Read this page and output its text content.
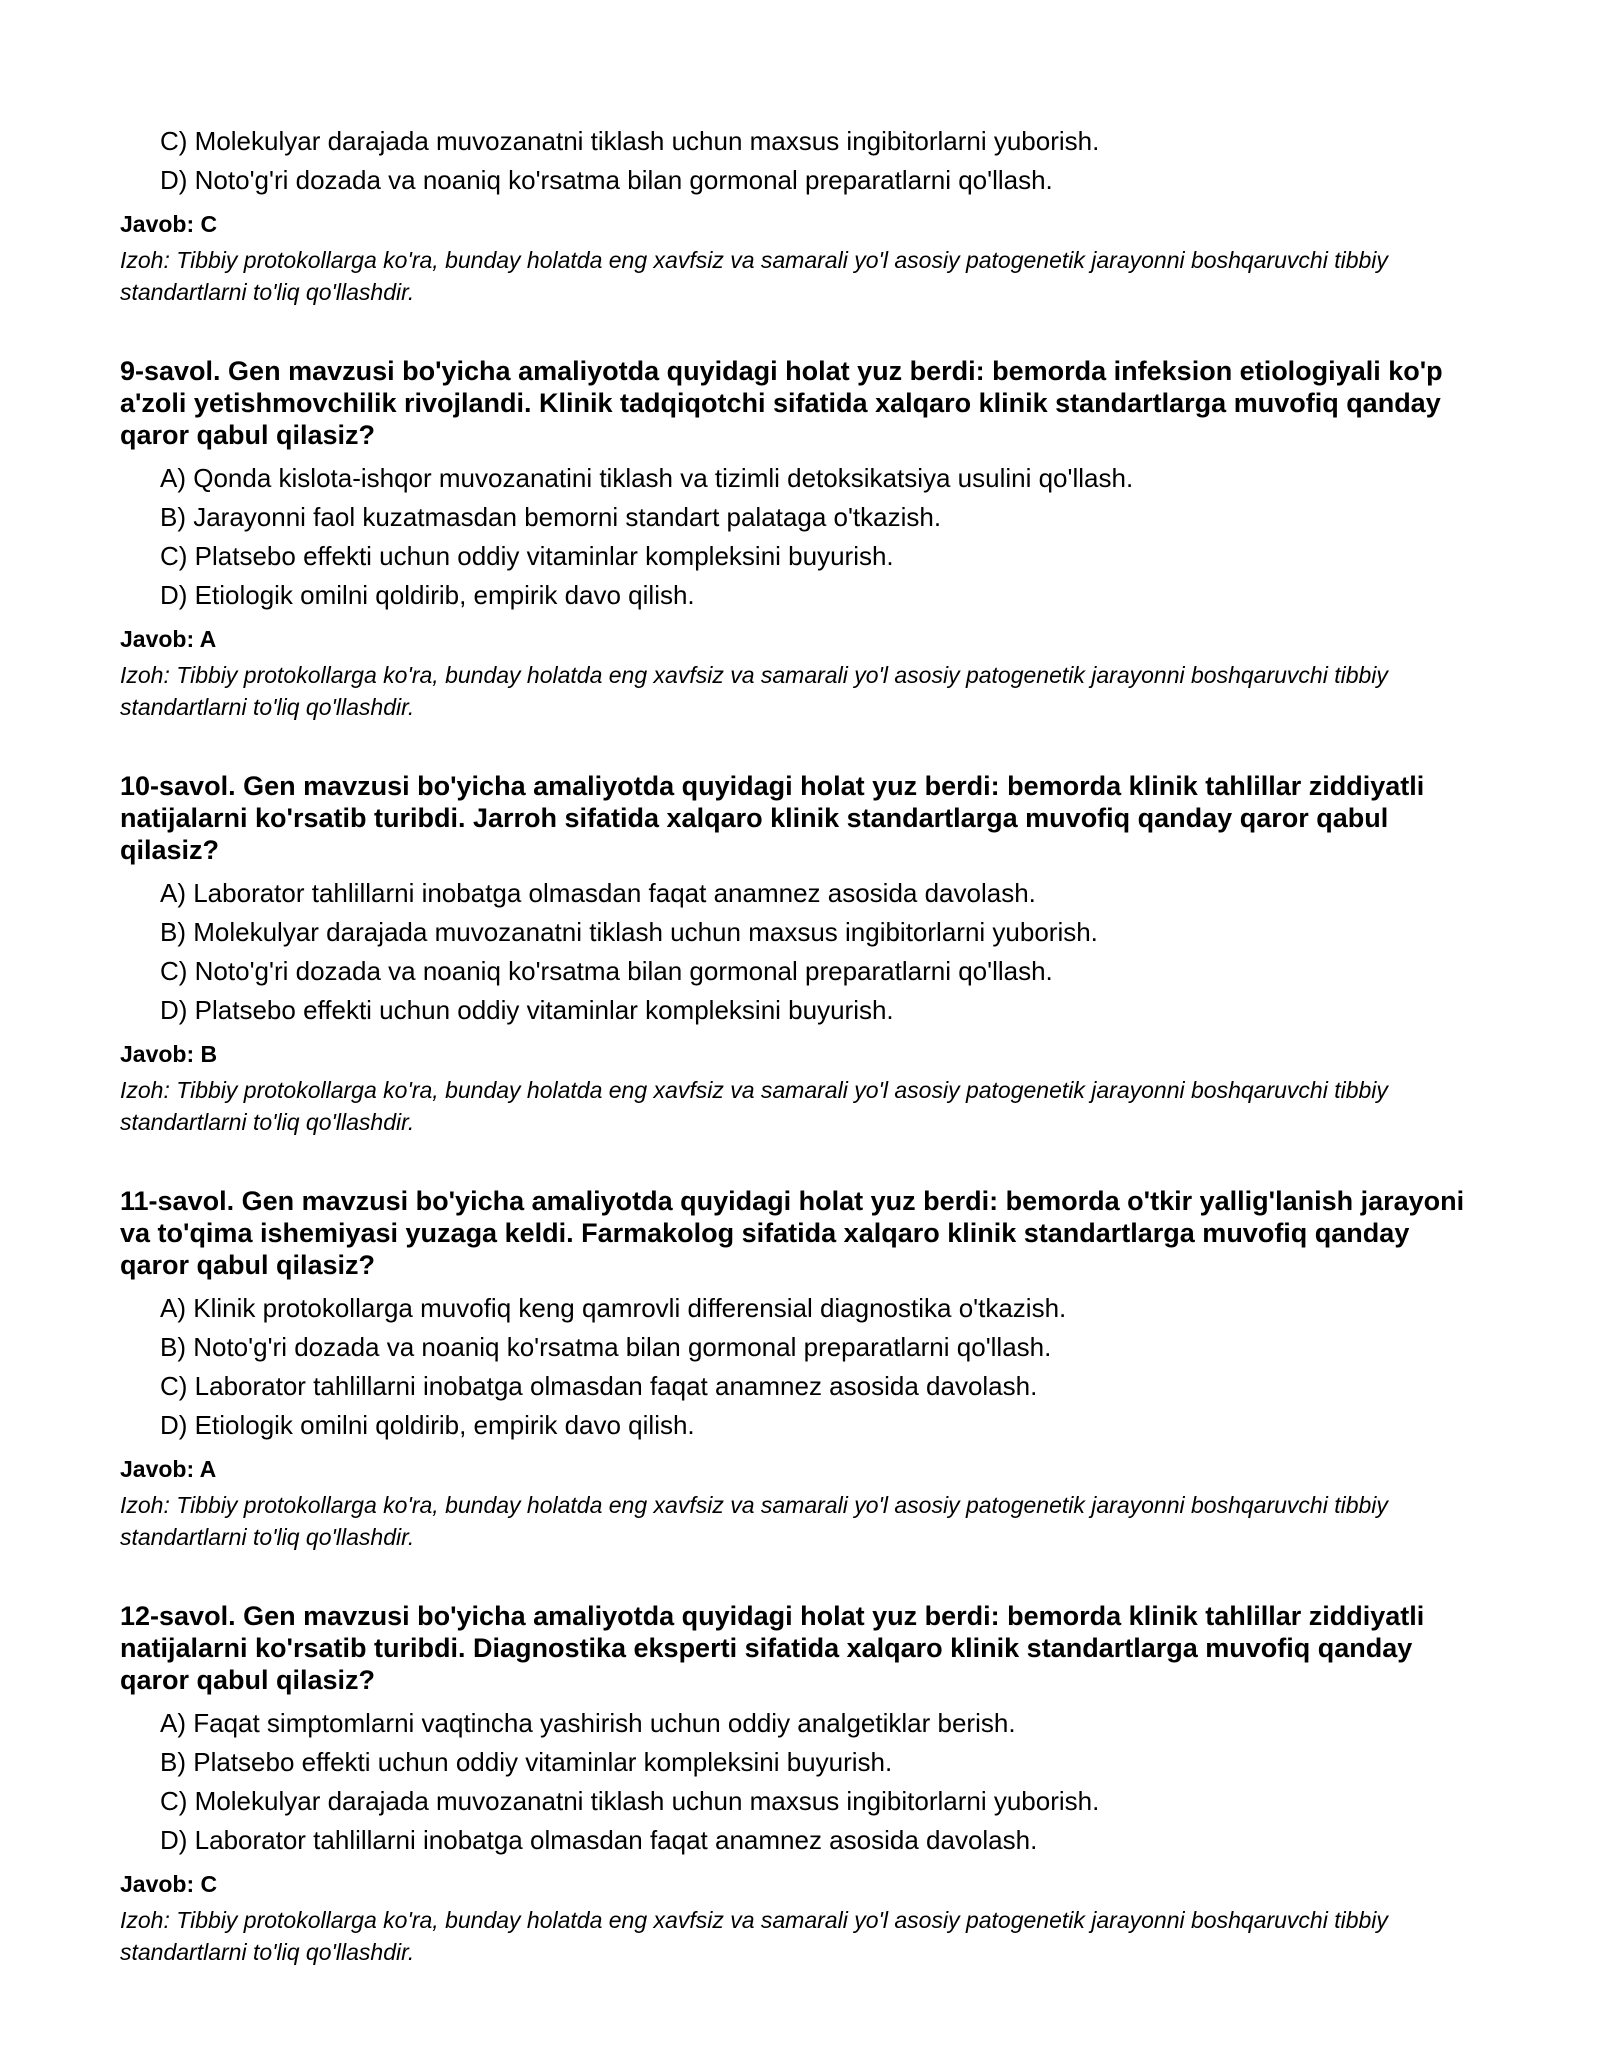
C) Molekulyar darajada muvozanatni tiklash uchun maxsus ingibitorlarni yuborish.
D) Noto'g'ri dozada va noaniq ko'rsatma bilan gormonal preparatlarni qo'llash.
Javob: C
Izoh: Tibbiy protokollarga ko'ra, bunday holatda eng xavfsiz va samarali yo'l asosiy patogenetik jarayonni boshqaruvchi tibbiy standartlarni to'liq qo'llashdir.
9-savol. Gen mavzusi bo'yicha amaliyotda quyidagi holat yuz berdi: bemorda infeksion etiologiyali ko'p a'zoli yetishmovchilik rivojlandi. Klinik tadqiqotchi sifatida xalqaro klinik standartlarga muvofiq qanday qaror qabul qilasiz?
A) Qonda kislota-ishqor muvozanatini tiklash va tizimli detoksikatsiya usulini qo'llash.
B) Jarayonni faol kuzatmasdan bemorni standart palataga o'tkazish.
C) Platsebo effekti uchun oddiy vitaminlar kompleksini buyurish.
D) Etiologik omilni qoldirib, empirik davo qilish.
Javob: A
Izoh: Tibbiy protokollarga ko'ra, bunday holatda eng xavfsiz va samarali yo'l asosiy patogenetik jarayonni boshqaruvchi tibbiy standartlarni to'liq qo'llashdir.
10-savol. Gen mavzusi bo'yicha amaliyotda quyidagi holat yuz berdi: bemorda klinik tahlillar ziddiyatli natijalarni ko'rsatib turibdi. Jarroh sifatida xalqaro klinik standartlarga muvofiq qanday qaror qabul qilasiz?
A) Laborator tahlillarni inobatga olmasdan faqat anamnez asosida davolash.
B) Molekulyar darajada muvozanatni tiklash uchun maxsus ingibitorlarni yuborish.
C) Noto'g'ri dozada va noaniq ko'rsatma bilan gormonal preparatlarni qo'llash.
D) Platsebo effekti uchun oddiy vitaminlar kompleksini buyurish.
Javob: B
Izoh: Tibbiy protokollarga ko'ra, bunday holatda eng xavfsiz va samarali yo'l asosiy patogenetik jarayonni boshqaruvchi tibbiy standartlarni to'liq qo'llashdir.
11-savol. Gen mavzusi bo'yicha amaliyotda quyidagi holat yuz berdi: bemorda o'tkir yallig'lanish jarayoni va to'qima ishemiyasi yuzaga keldi. Farmakolog sifatida xalqaro klinik standartlarga muvofiq qanday qaror qabul qilasiz?
A) Klinik protokollarga muvofiq keng qamrovli differensial diagnostika o'tkazish.
B) Noto'g'ri dozada va noaniq ko'rsatma bilan gormonal preparatlarni qo'llash.
C) Laborator tahlillarni inobatga olmasdan faqat anamnez asosida davolash.
D) Etiologik omilni qoldirib, empirik davo qilish.
Javob: A
Izoh: Tibbiy protokollarga ko'ra, bunday holatda eng xavfsiz va samarali yo'l asosiy patogenetik jarayonni boshqaruvchi tibbiy standartlarni to'liq qo'llashdir.
12-savol. Gen mavzusi bo'yicha amaliyotda quyidagi holat yuz berdi: bemorda klinik tahlillar ziddiyatli natijalarni ko'rsatib turibdi. Diagnostika eksperti sifatida xalqaro klinik standartlarga muvofiq qanday qaror qabul qilasiz?
A) Faqat simptomlarni vaqtincha yashirish uchun oddiy analgetiklar berish.
B) Platsebo effekti uchun oddiy vitaminlar kompleksini buyurish.
C) Molekulyar darajada muvozanatni tiklash uchun maxsus ingibitorlarni yuborish.
D) Laborator tahlillarni inobatga olmasdan faqat anamnez asosida davolash.
Javob: C
Izoh: Tibbiy protokollarga ko'ra, bunday holatda eng xavfsiz va samarali yo'l asosiy patogenetik jarayonni boshqaruvchi tibbiy standartlarni to'liq qo'llashdir.
